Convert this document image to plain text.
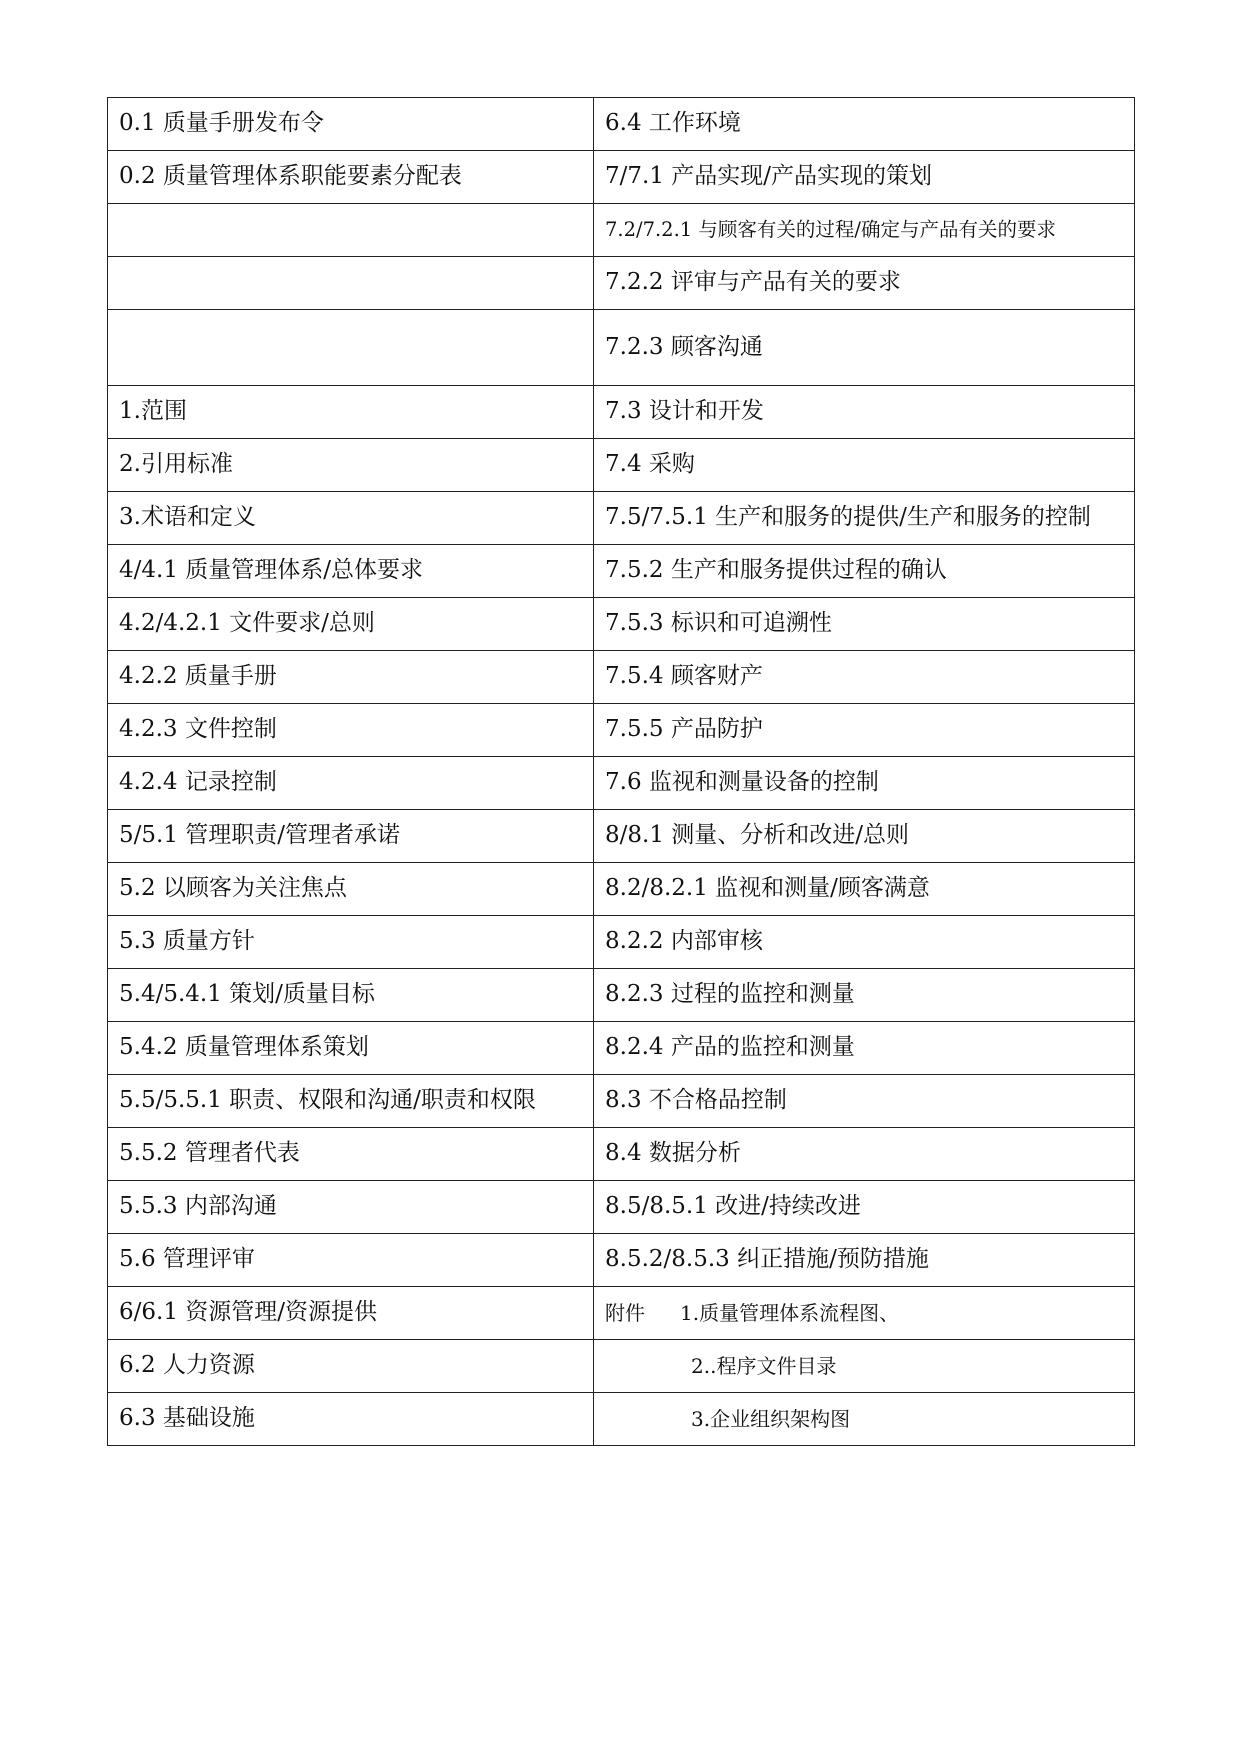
0.1 质量手册发布令	6.4 工作环境
0.2 质量管理体系职能要素分配表	7/7.1 产品实现/产品实现的策划
	7.2/7.2.1 与顾客有关的过程/确定与产品有关的要求
	7.2.2 评审与产品有关的要求
	7.2.3 顾客沟通
1.范围	7.3 设计和开发
2.引用标准	7.4 采购
3.术语和定义	7.5/7.5.1 生产和服务的提供/生产和服务的控制
4/4.1 质量管理体系/总体要求	7.5.2 生产和服务提供过程的确认
4.2/4.2.1 文件要求/总则	7.5.3 标识和可追溯性
4.2.2 质量手册	7.5.4 顾客财产
4.2.3 文件控制	7.5.5 产品防护
4.2.4 记录控制	7.6 监视和测量设备的控制
5/5.1 管理职责/管理者承诺	8/8.1 测量、分析和改进/总则
5.2 以顾客为关注焦点	8.2/8.2.1 监视和测量/顾客满意
5.3 质量方针	8.2.2 内部审核
5.4/5.4.1 策划/质量目标	8.2.3 过程的监控和测量
5.4.2 质量管理体系策划	8.2.4 产品的监控和测量
5.5/5.5.1 职责、权限和沟通/职责和权限	8.3 不合格品控制
5.5.2 管理者代表	8.4 数据分析
5.5.3 内部沟通	8.5/8.5.1 改进/持续改进
5.6 管理评审	8.5.2/8.5.3 纠正措施/预防措施
6/6.1 资源管理/资源提供	附件 1.质量管理体系流程图、
6.2 人力资源	2..程序文件目录
6.3 基础设施	3.企业组织架构图
